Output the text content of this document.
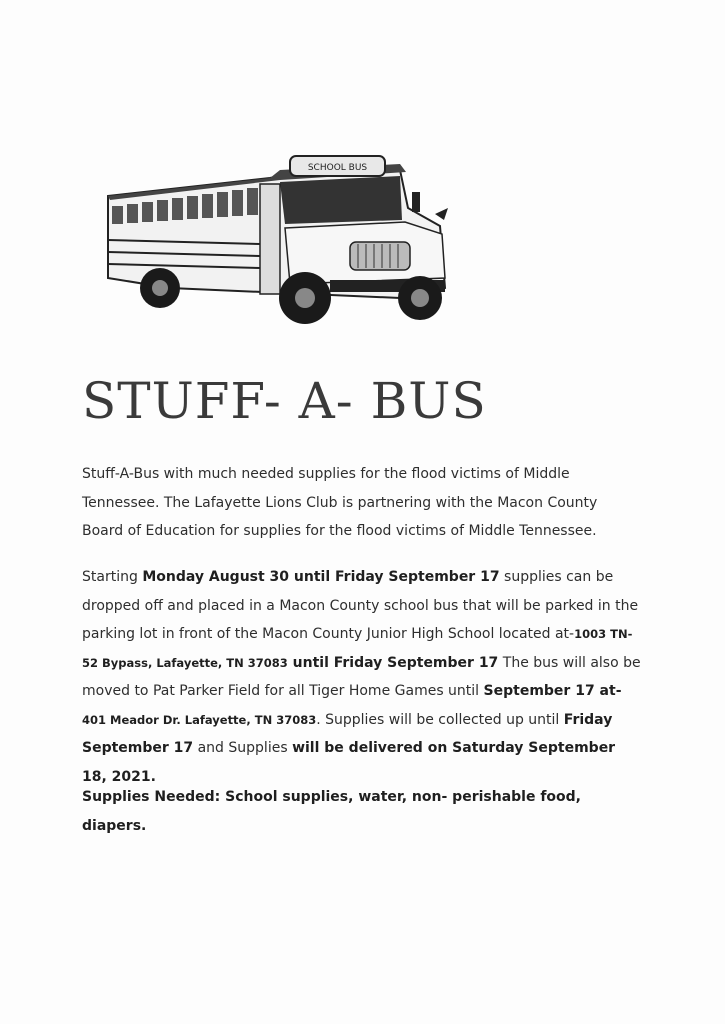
SCHOOL BUS
STUFF- A- BUS

Stuff-A-Bus with much needed supplies for the flood victims of Middle Tennessee. The Lafayette Lions Club is partnering with the Macon County Board of Education for supplies for the flood victims of Middle Tennessee.

Starting Monday August 30 until Friday September 17 supplies can be dropped off and placed in a Macon County school bus that will be parked in the parking lot in front of the Macon County Junior High School located at-1003 TN-52 Bypass, Lafayette, TN 37083 until Friday September 17 The bus will also be moved to Pat Parker Field for all Tiger Home Games until September 17 at-401 Meador Dr. Lafayette, TN 37083. Supplies will be collected up until Friday September 17 and Supplies will be delivered on Saturday September 18, 2021.

Supplies Needed: School supplies, water, non- perishable food, diapers.
